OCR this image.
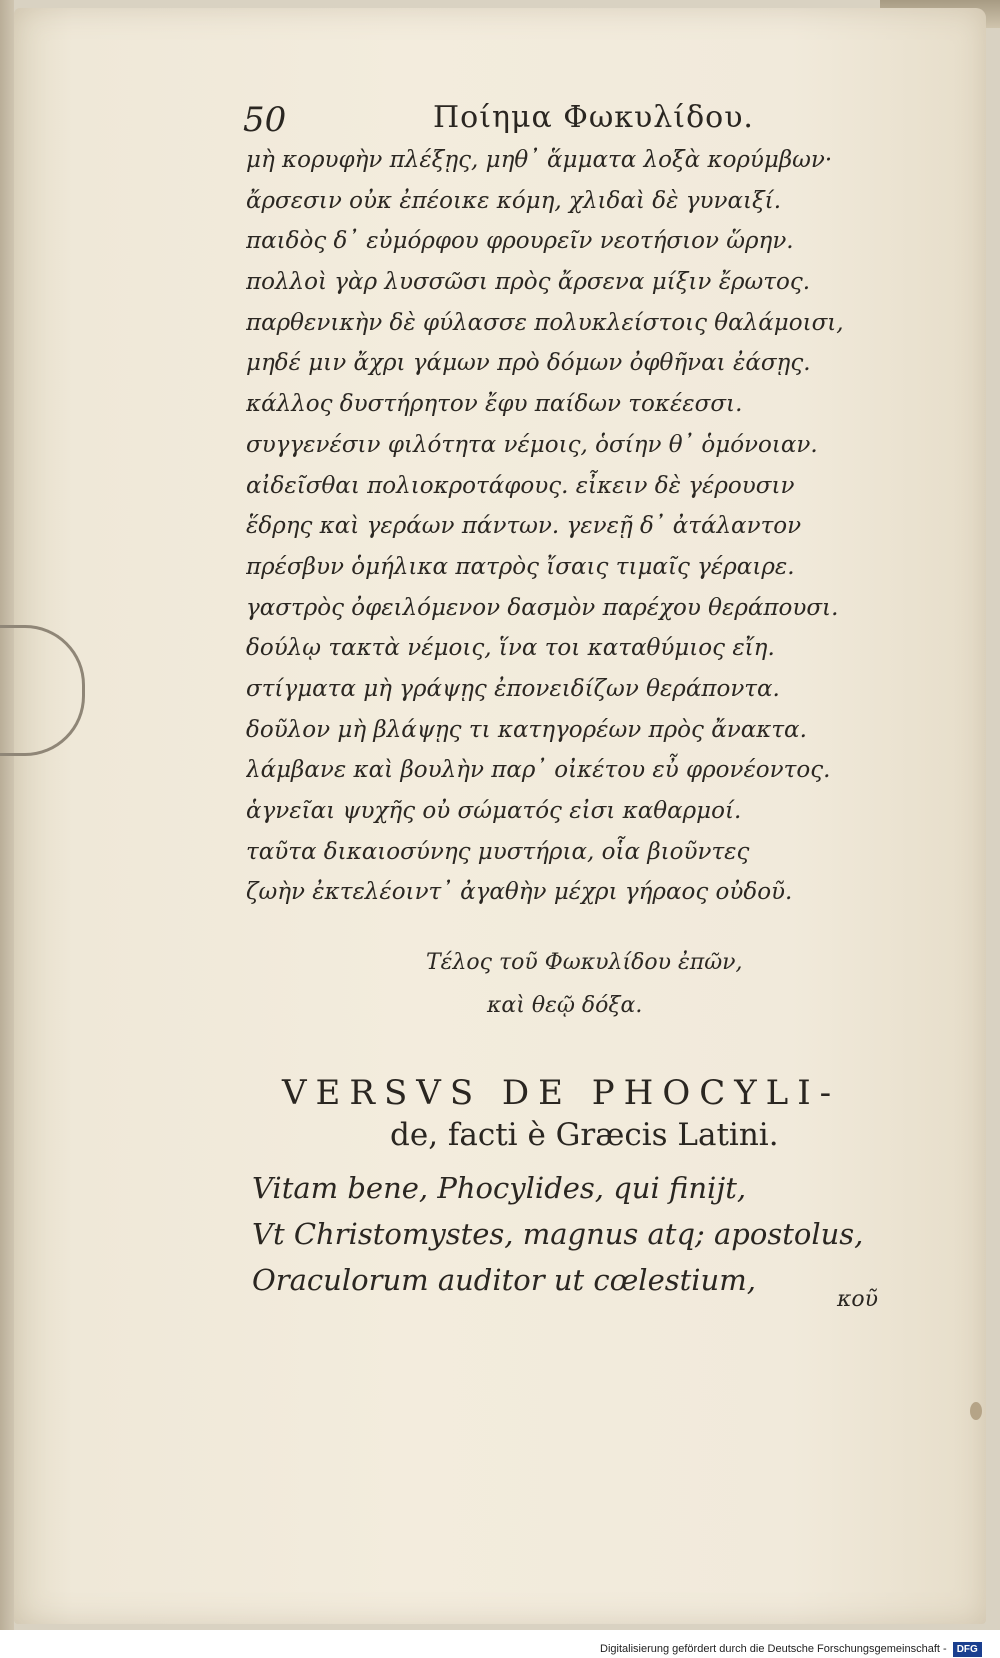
50	Ποίημα Φωκυλίδου.
μὴ κορυφὴν πλέξῃς, μηθ᾽ ἅμματα λοξὰ κορύμβων·
ἄρσεσιν οὐκ ἐπέοικε κόμη, χλιδαὶ δὲ γυναιξί.
παιδὸς δ᾽ εὐμόρφου φρουρεῖν νεοτήσιον ὥρην.
πολλοὶ γὰρ λυσσῶσι πρὸς ἄρσενα μίξιν ἔρωτος.
παρθενικὴν δὲ φύλασσε πολυκλείστοις θαλάμοισι,
μηδέ μιν ἄχρι γάμων πρὸ δόμων ὀφθῆναι ἐάσῃς.
κάλλος δυστήρητον ἔφυ παίδων τοκέεσσι.
συγγενέσιν φιλότητα νέμοις, ὁσίην θ᾽ ὁμόνοιαν.
αἰδεῖσθαι πολιοκροτάφους. εἶκειν δὲ γέρουσιν
ἕδρης καὶ γεράων πάντων. γενεῇ δ᾽ ἀτάλαντον
πρέσβυν ὁμήλικα πατρὸς ἴσαις τιμαῖς γέραιρε.
γαστρὸς ὀφειλόμενον δασμὸν παρέχου θεράπουσι.
δούλῳ τακτὰ νέμοις, ἵνα τοι καταθύμιος εἴη.
στίγματα μὴ γράψῃς ἐπονειδίζων θεράποντα.
δοῦλον μὴ βλάψῃς τι κατηγορέων πρὸς ἄνακτα.
λάμβανε καὶ βουλὴν παρ᾽ οἰκέτου εὖ φρονέοντος.
ἁγνεῖαι ψυχῆς οὐ σώματός εἰσι καθαρμοί.
ταῦτα δικαιοσύνης μυστήρια, οἷα βιοῦντες
ζωὴν ἐκτελέοιντ᾽ ἀγαθὴν μέχρι γήραος οὐδοῦ.
Τέλος τοῦ Φωκυλίδου ἐπῶν,
καὶ θεῷ δόξα.
VERSVS DE PHOCYLI-
de, facti è Græcis Latini.
Vitam bene, Phocylides, qui finijt,
Vt Christomystes, magnus atq; apostolus,
Oraculorum auditor ut cœlestium,
κοῦ
Digitalisierung gefördert durch die Deutsche Forschungsgemeinschaft -	DFG
